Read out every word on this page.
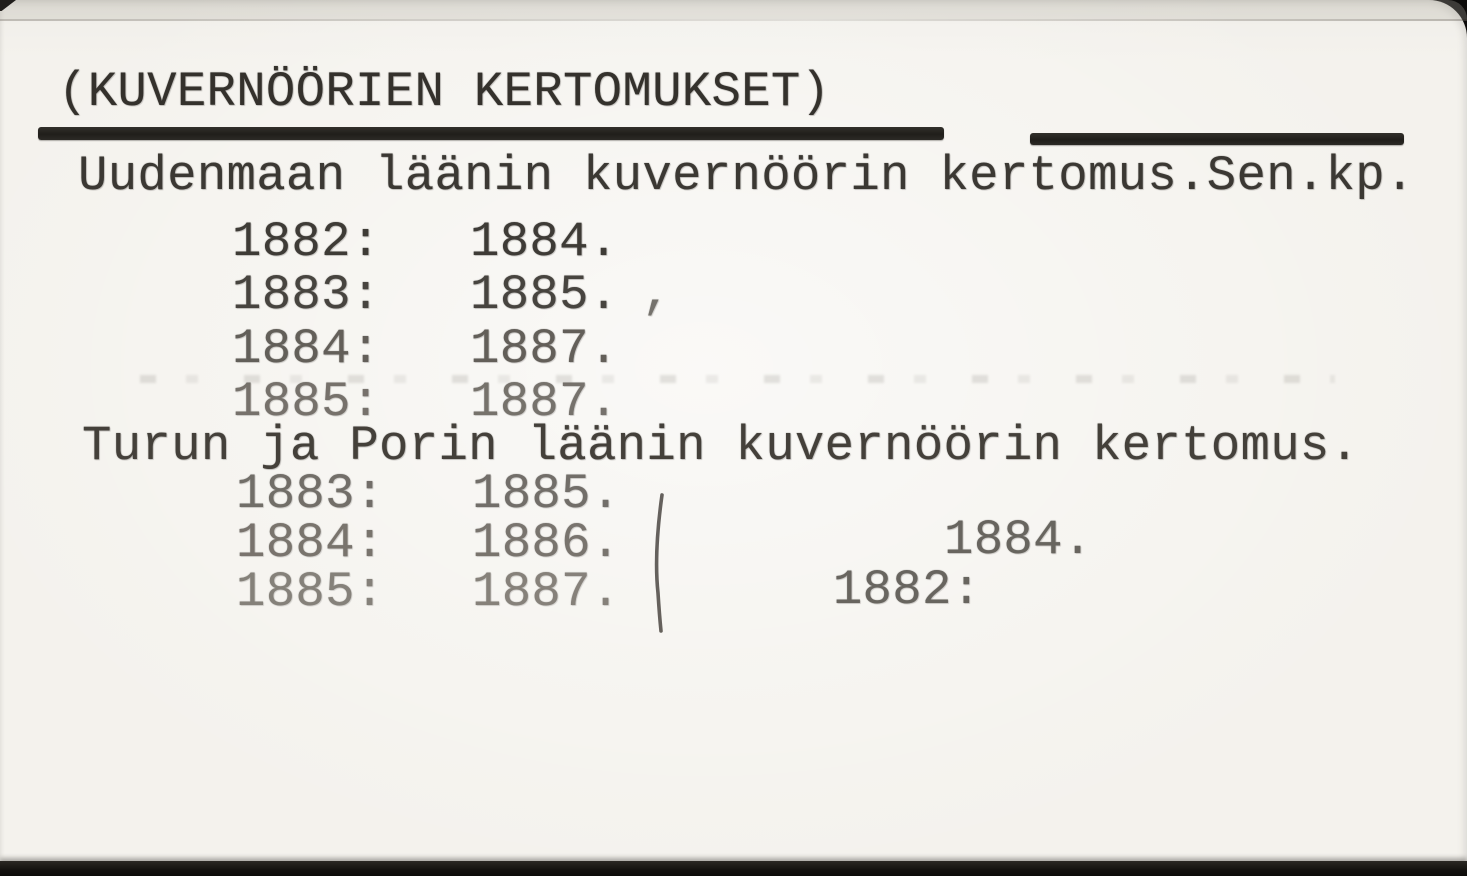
(KUVERNÖÖRIEN KERTOMUKSET)
Uudenmaan läänin kuvernöörin kertomus.Sen.kp.

1882:

1884.

1883:

1885.

1884:

1887.

1885:

1887.

,
Turun ja Porin läänin kuvernöörin kertomus.

1883:

1885.

1884:

1886.

1885:

1887.

	1882:

1884.
